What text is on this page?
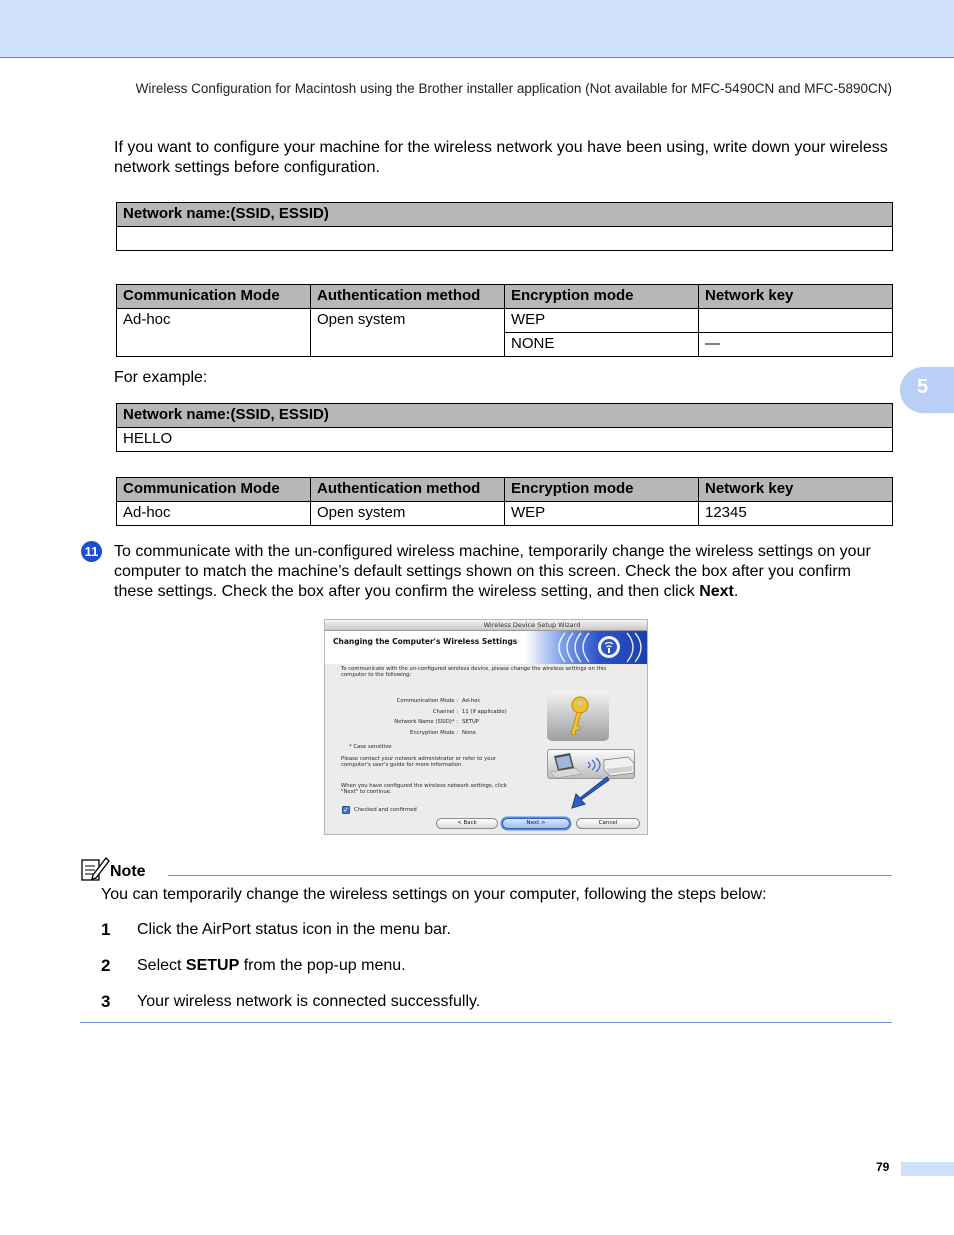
Wireless Configuration for Macintosh using the Brother installer application (Not available for MFC-5490CN and MFC-5890CN)
5

If you want to configure your machine for the wireless network you have been using, write down your wireless network settings before configuration.

Network name:(SSID, ESSID)

Communication Mode	Authentication method	Encryption mode	Network key
Ad-hoc	Open system	WEP	
		NONE	—

For example:

Network name:(SSID, ESSID)
HELLO
Communication Mode	Authentication method	Encryption mode	Network key
Ad-hoc	Open system	WEP	12345
11 To communicate with the un-configured wireless machine, temporarily change the wireless settings on your computer to match the machine’s default settings shown on this screen. Check the box after you confirm these settings. Check the box after you confirm the wireless setting, and then click Next.

Wireless Device Setup Wizard
Changing the Computer's Wireless Settings
To communicate with the un-configured wireless device, please change the wireless settings on this
computer to the following:
Communication Mode : Ad-hoc
Channel : 11 (if applicable)
Network Name (SSID)* : SETUP
Encryption Mode : None
* Case sensitive
Please contact your network administrator or refer to your
computer's user's guide for more information.
When you have configured the wireless network settings, click
"Next" to continue.
✓ Checked and confirmed
< Back	Next >	Cancel
Note

You can temporarily change the wireless settings on your computer, following the steps below:

1 Click the AirPort status icon in the menu bar.
2 Select SETUP from the pop-up menu.
3 Your wireless network is connected successfully.
79
